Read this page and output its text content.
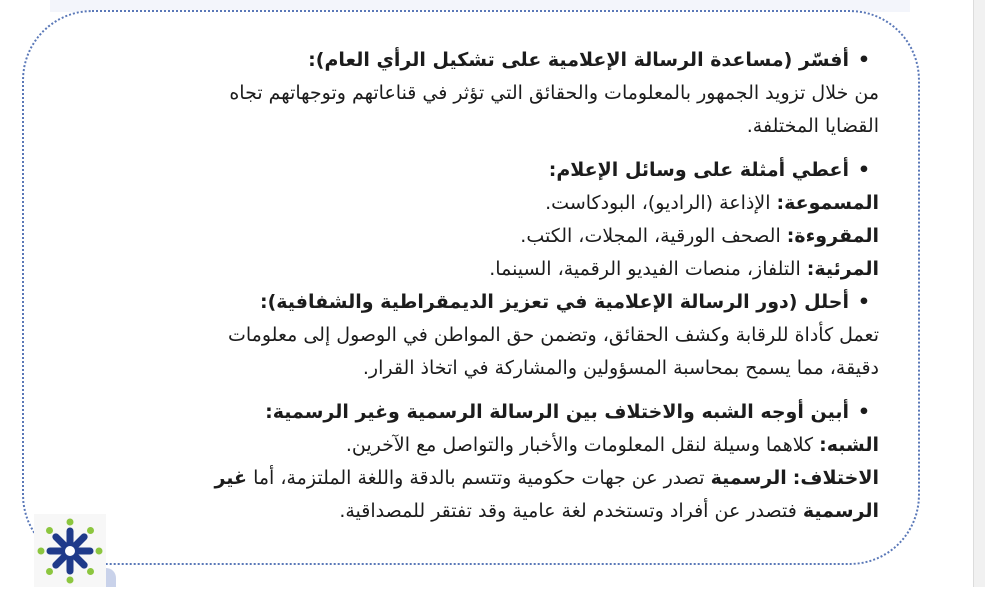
•أفسّر (مساعدة الرسالة الإعلامية على تشكيل الرأي العام):
من خلال تزويد الجمهور بالمعلومات والحقائق التي تؤثر في قناعاتهم وتوجهاتهم تجاه
القضايا المختلفة.
•أعطي أمثلة على وسائل الإعلام:
المسموعة: الإذاعة (الراديو)، البودكاست.
المقروءة: الصحف الورقية، المجلات، الكتب.
المرئية: التلفاز، منصات الفيديو الرقمية، السينما.
•أحلل (دور الرسالة الإعلامية في تعزيز الديمقراطية والشفافية):
تعمل كأداة للرقابة وكشف الحقائق، وتضمن حق المواطن في الوصول إلى معلومات
دقيقة، مما يسمح بمحاسبة المسؤولين والمشاركة في اتخاذ القرار.
•أبين أوجه الشبه والاختلاف بين الرسالة الرسمية وغير الرسمية:
الشبه: كلاهما وسيلة لنقل المعلومات والأخبار والتواصل مع الآخرين.
الاختلاف: الرسمية تصدر عن جهات حكومية وتتسم بالدقة واللغة الملتزمة، أما غير
الرسمية فتصدر عن أفراد وتستخدم لغة عامية وقد تفتقر للمصداقية.
